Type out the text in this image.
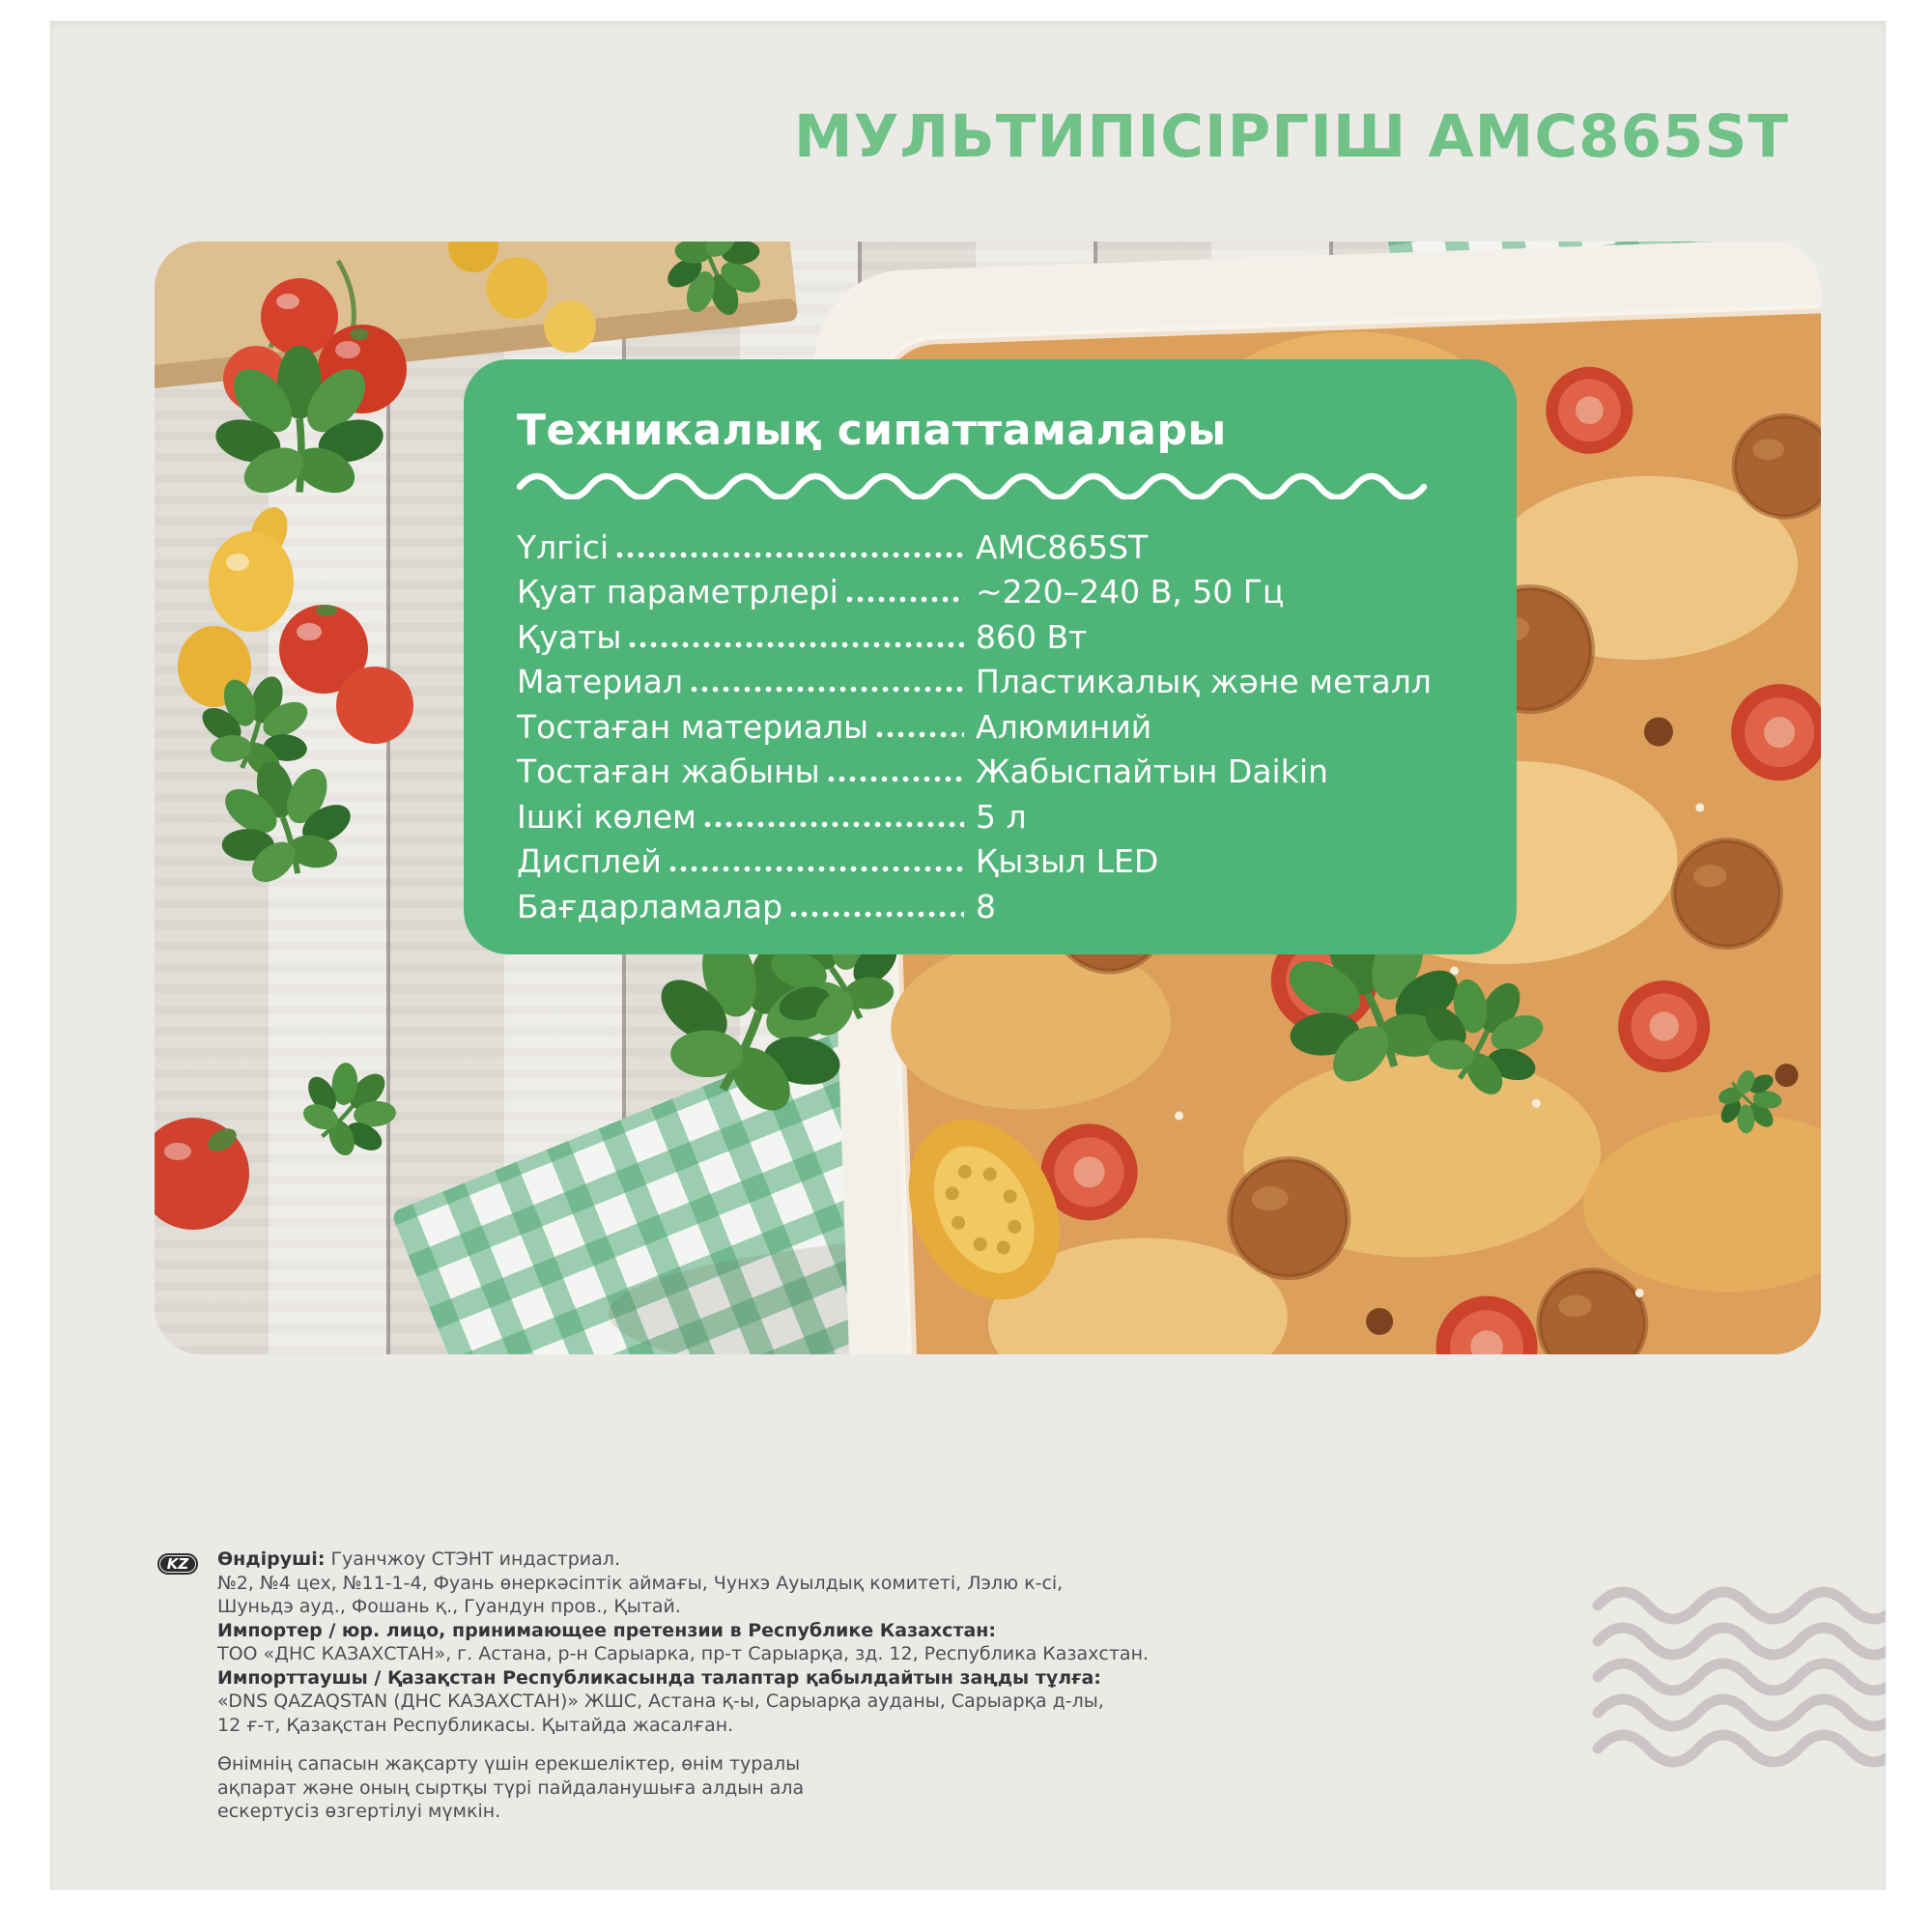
МУЛЬТИПІСІРГІШ AMC865ST
Техникалық сипаттамалары
Үлгісі	AMC865ST
Қуат параметрлері	~220–240 В, 50 Гц
Қуаты	860 Вт
Материал	Пластикалық және металл
Тостаған материалы	Алюминий
Тостаған жабыны	Жабыспайтын Daikin
Ішкі көлем	5 л
Дисплей	Қызыл LED
Бағдарламалар	8
KZ	Өндіруші: Гуанчжоу СТЭНТ индастриал.
№2, №4 цех, №11-1-4, Фуань өнеркәсіптік аймағы, Чунхэ Ауылдық комитеті, Лэлю к-сі,
Шуньдэ ауд., Фошань қ., Гуандун пров., Қытай.
Импортер / юр. лицо, принимающее претензии в Республике Казахстан:
ТОО «ДНС КАЗАХСТАН», г. Астана, р-н Сарыарка, пр-т Сарыарқа, зд. 12, Республика Казахстан.
Импорттаушы / Қазақстан Республикасында талаптар қабылдайтын заңды тұлға:
«DNS QAZAQSTAN (ДНС КАЗАХСТАН)» ЖШС, Астана қ-ы, Сарыарқа ауданы, Сарыарқа д-лы,
12 ғ-т, Қазақстан Республикасы. Қытайда жасалған.
Өнімнің сапасын жақсарту үшін ерекшеліктер, өнім туралы
ақпарат және оның сыртқы түрі пайдаланушыға алдын ала
ескертусіз өзгертілуі мүмкін.
